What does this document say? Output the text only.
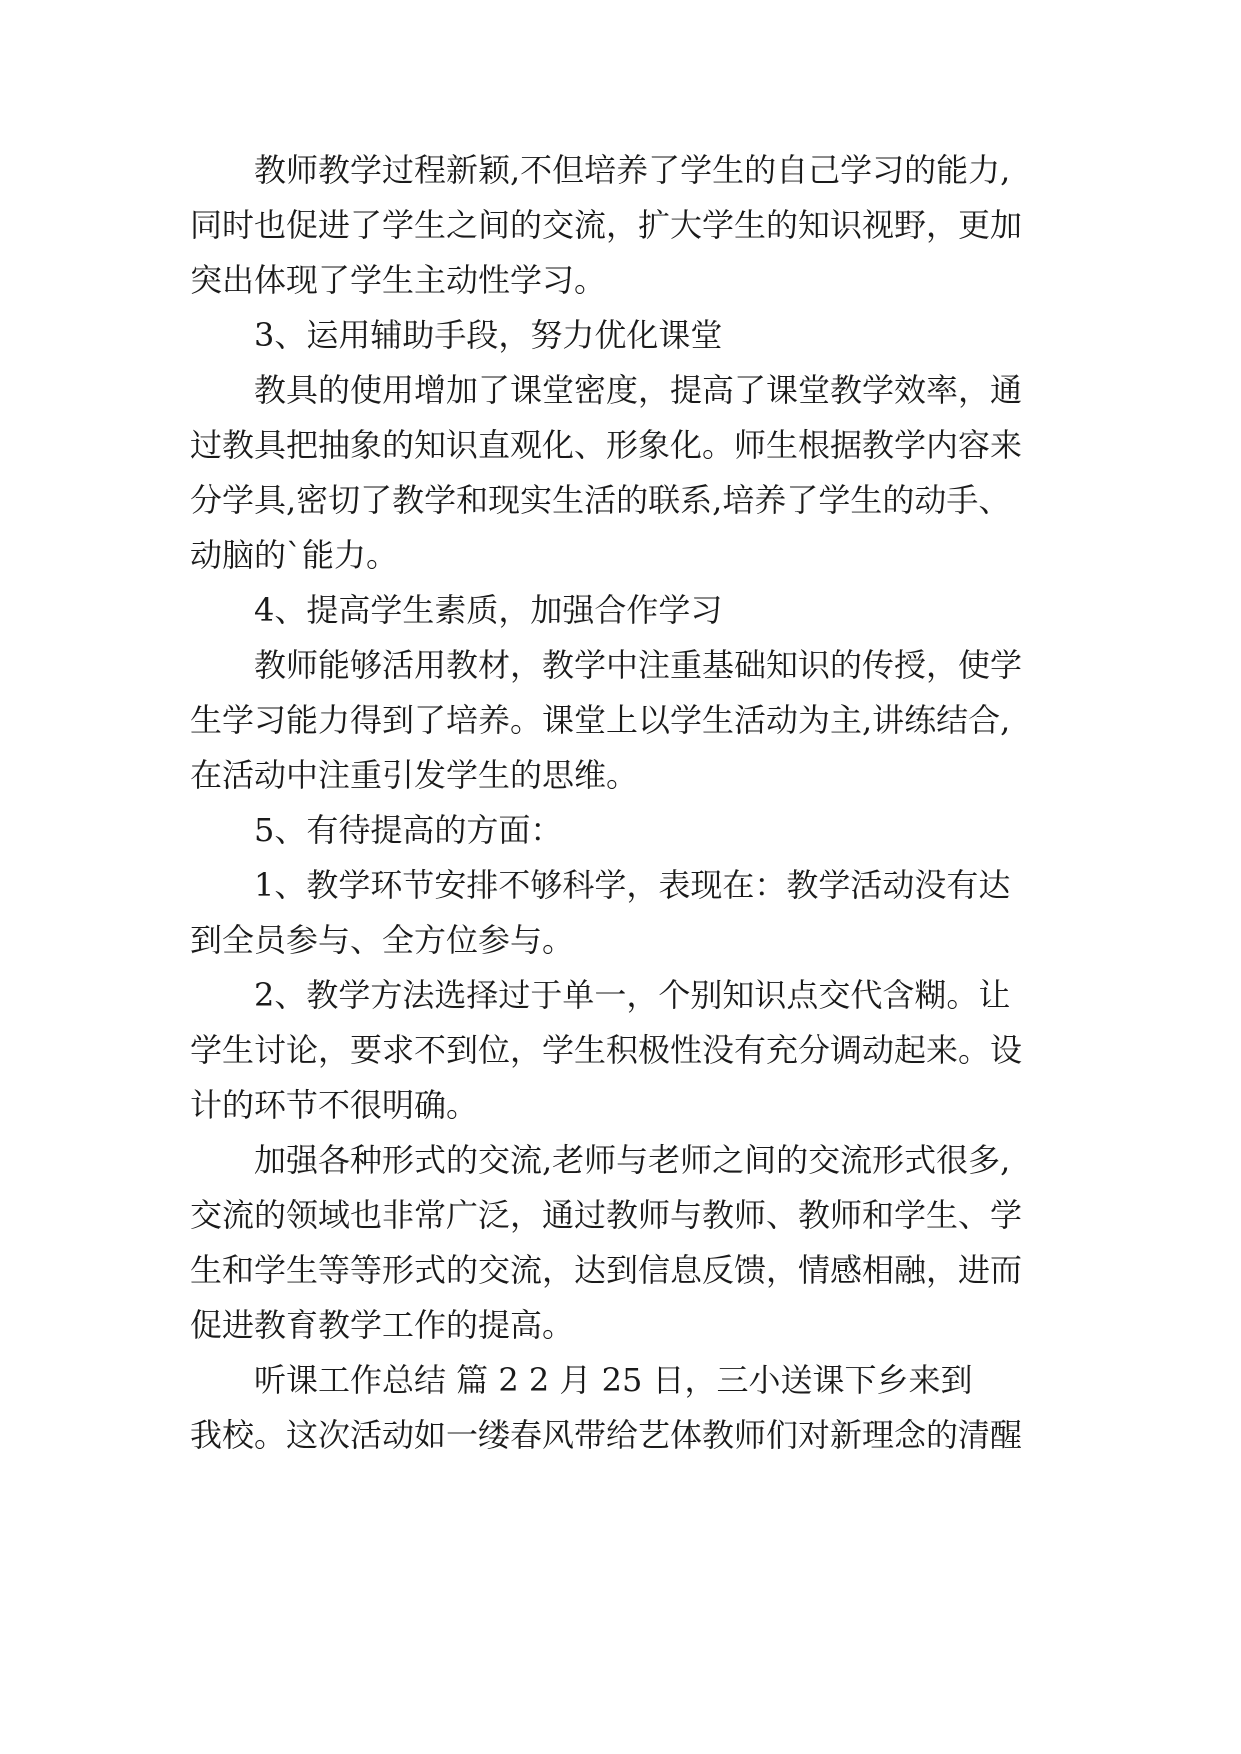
教师教学过程新颖,不但培养了学生的自己学习的能力,
同时也促进了学生之间的交流，扩大学生的知识视野，更加
突出体现了学生主动性学习。
3、运用辅助手段，努力优化课堂
教具的使用增加了课堂密度，提高了课堂教学效率，通
过教具把抽象的知识直观化、形象化。师生根据教学内容来
分学具,密切了教学和现实生活的联系,培养了学生的动手、
动脑的`能力。
4、提高学生素质，加强合作学习
教师能够活用教材，教学中注重基础知识的传授，使学
生学习能力得到了培养。课堂上以学生活动为主,讲练结合,
在活动中注重引发学生的思维。
5、有待提高的方面：
1、教学环节安排不够科学，表现在：教学活动没有达
到全员参与、全方位参与。
2、教学方法选择过于单一，个别知识点交代含糊。让
学生讨论，要求不到位，学生积极性没有充分调动起来。设
计的环节不很明确。
加强各种形式的交流,老师与老师之间的交流形式很多,
交流的领域也非常广泛，通过教师与教师、教师和学生、学
生和学生等等形式的交流，达到信息反馈，情感相融，进而
促进教育教学工作的提高。
听课工作总结 篇 2 2 月 25 日，三小送课下乡来到
我校。这次活动如一缕春风带给艺体教师们对新理念的清醒
